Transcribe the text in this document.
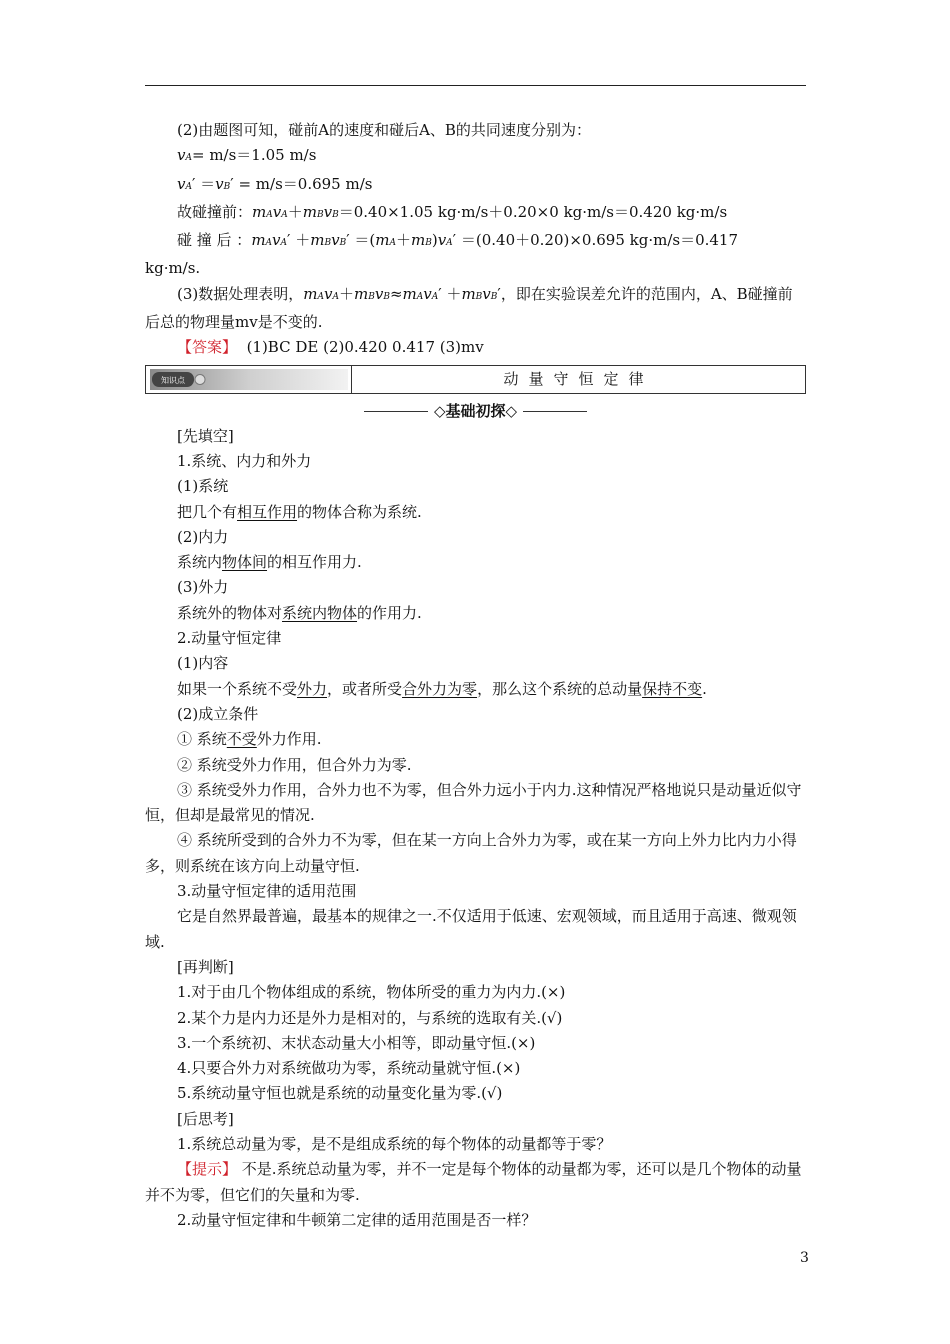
(2)由题图可知，碰前A的速度和碰后A、B的共同速度分别为：

vA= m/s＝1.05 m/s

vA′ ＝vB′ = m/s＝0.695 m/s

故碰撞前：mAvA＋mBvB＝0.40×1.05 kg·m/s＋0.20×0 kg·m/s＝0.420 kg·m/s

碰 撞 后 ：mAvA′ ＋mBvB′ ＝(mA＋mB)vA′ ＝(0.40＋0.20)×0.695 kg·m/s＝0.417

kg·m/s.

(3)数据处理表明，mAvA＋mBvB≈mAvA′ ＋mBvB′，即在实验误差允许的范围内，A、B碰撞前

后总的物理量mv是不变的.

【答案】 (1)BC DE (2)0.420 0.417 (3)mv

知识点	动量守恒定律
◇基础初探◇

[先填空]

1.系统、内力和外力

(1)系统

把几个有相互作用的物体合称为系统.

(2)内力

系统内物体间的相互作用力.

(3)外力

系统外的物体对系统内物体的作用力.

2.动量守恒定律

(1)内容

如果一个系统不受外力，或者所受合外力为零，那么这个系统的总动量保持不变.

(2)成立条件

① 系统不受外力作用.

② 系统受外力作用，但合外力为零.

③ 系统受外力作用，合外力也不为零，但合外力远小于内力.这种情况严格地说只是动量近似守恒，但却是最常见的情况.

④ 系统所受到的合外力不为零，但在某一方向上合外力为零，或在某一方向上外力比内力小得多，则系统在该方向上动量守恒.

3.动量守恒定律的适用范围

它是自然界最普遍，最基本的规律之一.不仅适用于低速、宏观领域，而且适用于高速、微观领域.

[再判断]

1.对于由几个物体组成的系统，物体所受的重力为内力.(×)

2.某个力是内力还是外力是相对的，与系统的选取有关.(√)

3.一个系统初、末状态动量大小相等，即动量守恒.(×)

4.只要合外力对系统做功为零，系统动量就守恒.(×)

5.系统动量守恒也就是系统的动量变化量为零.(√)

[后思考]

1.系统总动量为零，是不是组成系统的每个物体的动量都等于零？

【提示】 不是.系统总动量为零，并不一定是每个物体的动量都为零，还可以是几个物体的动量并不为零，但它们的矢量和为零.

2.动量守恒定律和牛顿第二定律的适用范围是否一样？

3
